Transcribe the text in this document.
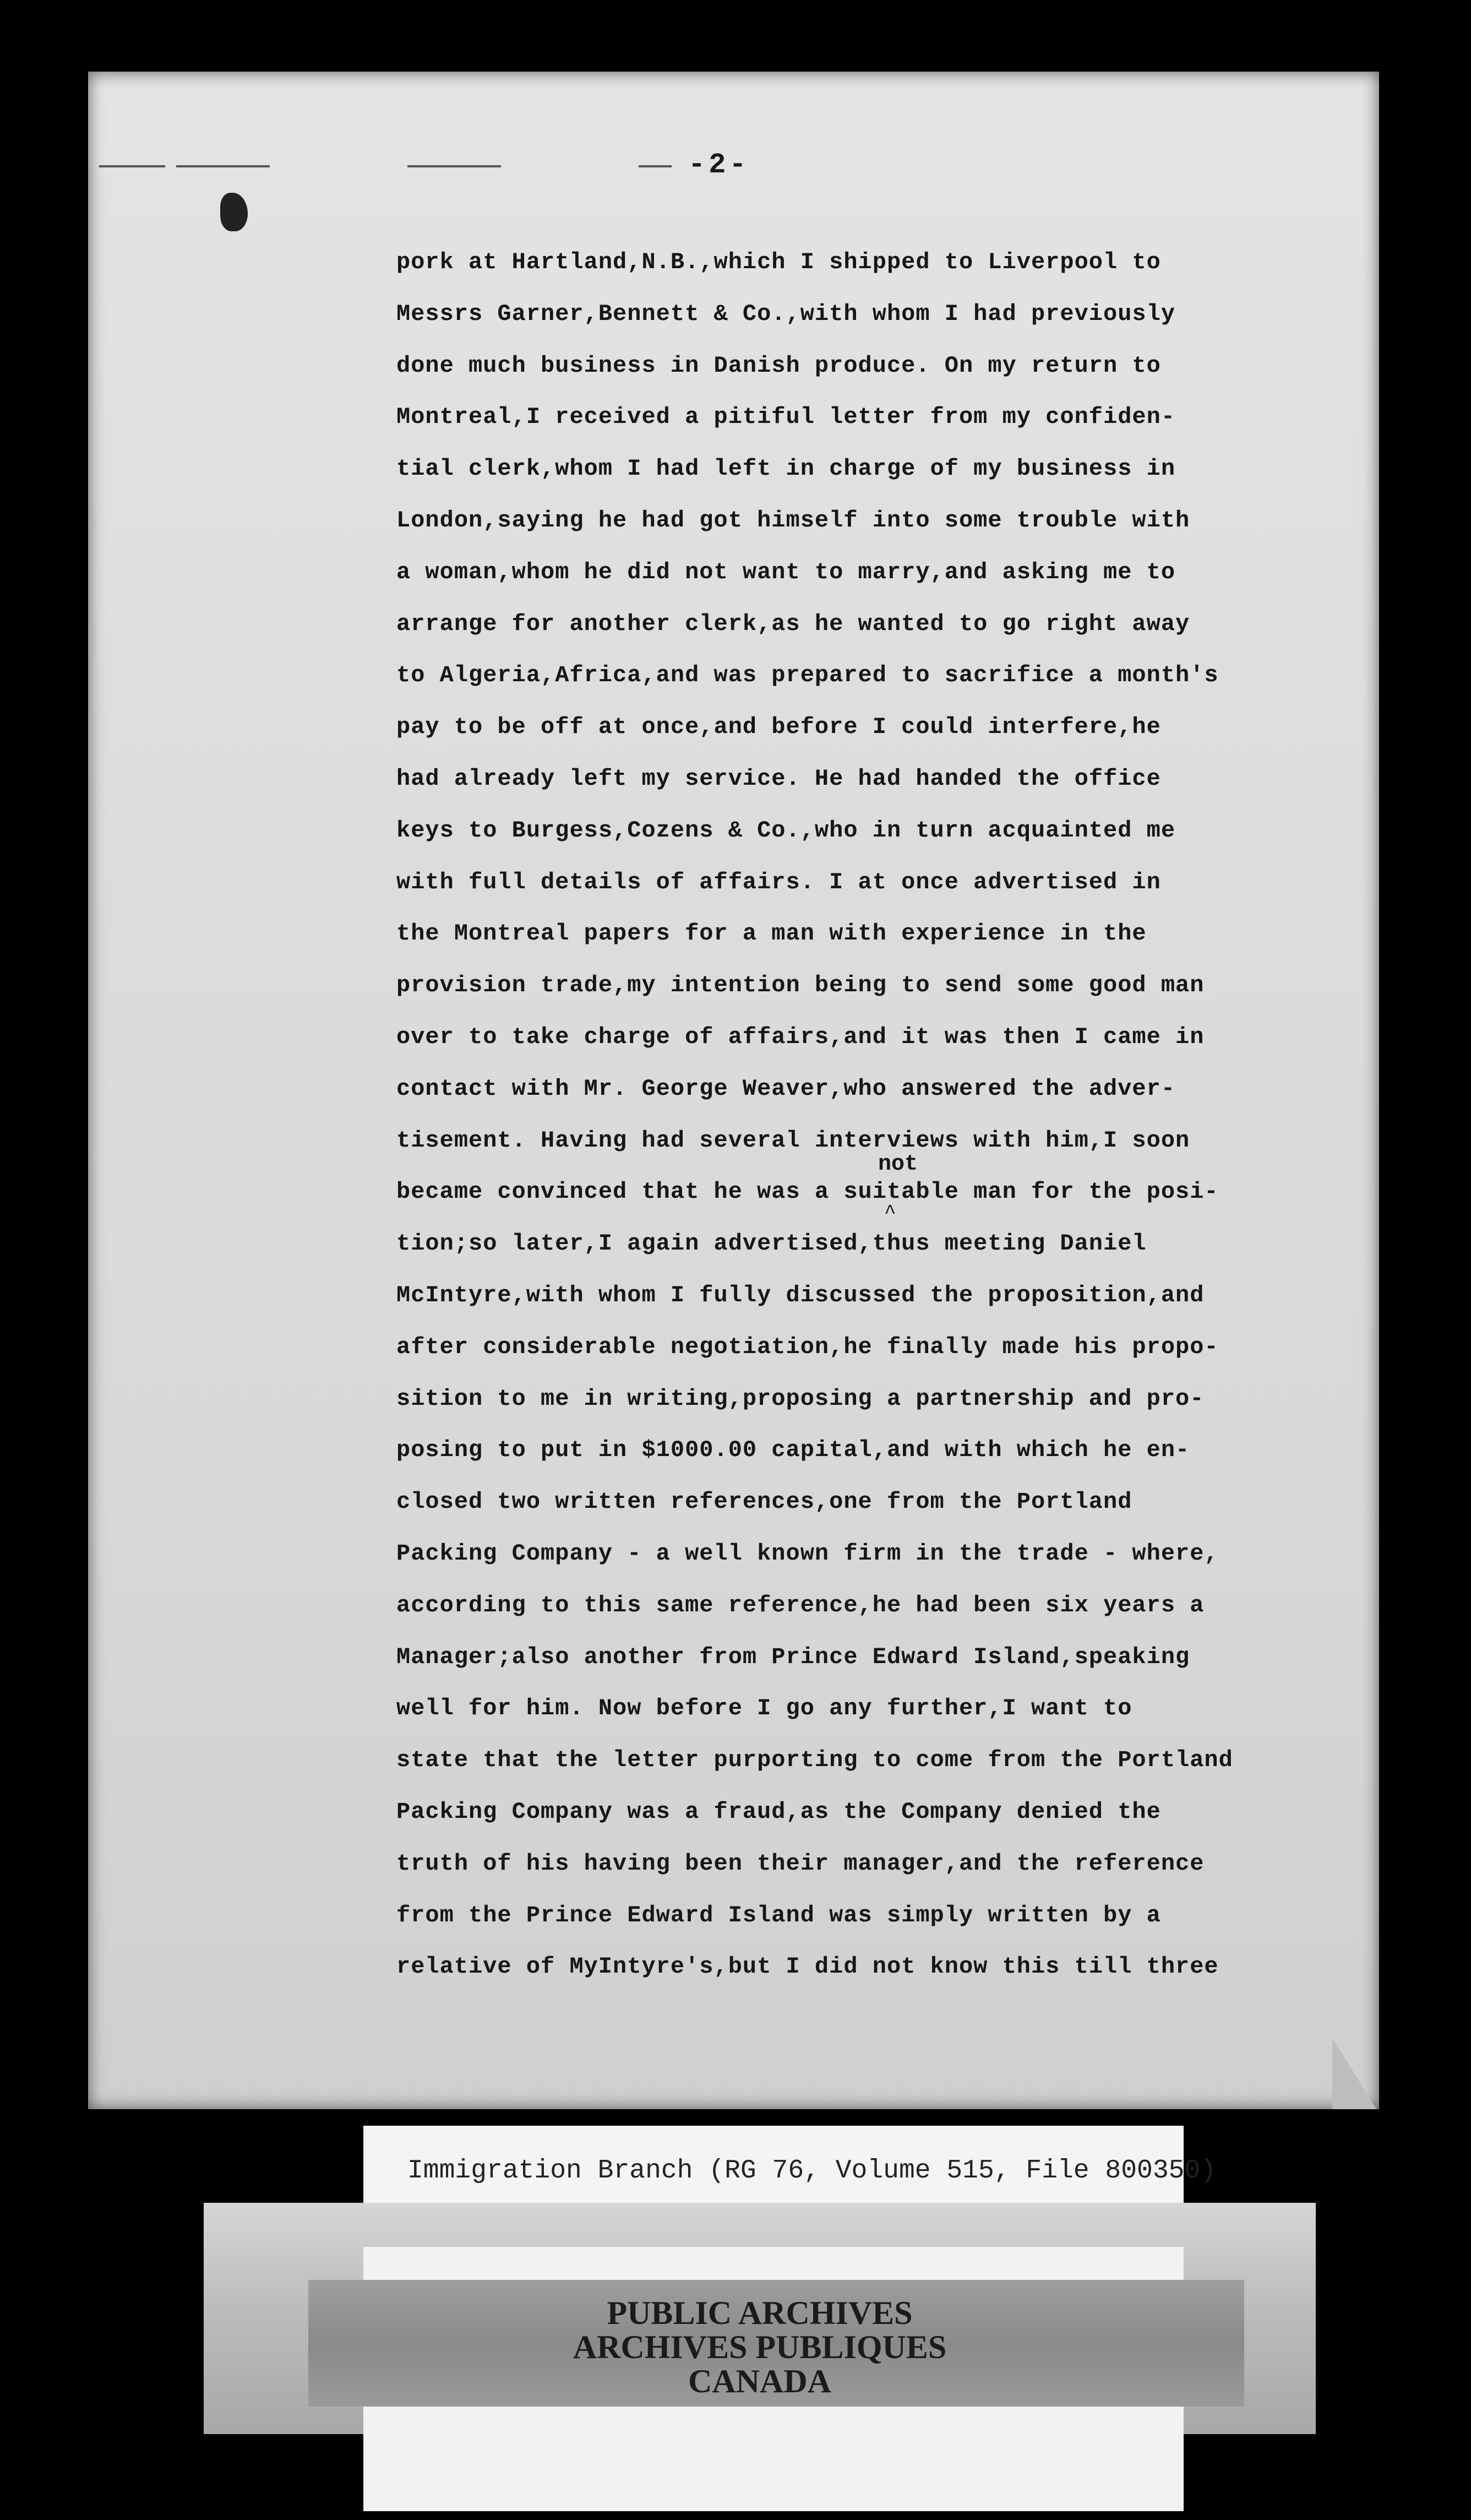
-2-
pork at Hartland,N.B.,which I shipped to Liverpool to
Messrs Garner,Bennett & Co.,with whom I had previously
done much business in Danish produce. On my return to
Montreal,I received a pitiful letter from my confiden-
tial clerk,whom I had left in charge of my business in
London,saying he had got himself into some trouble with
a woman,whom he did not want to marry,and asking me to
arrange for another clerk,as he wanted to go right away
to Algeria,Africa,and was prepared to sacrifice a month's
pay to be off at once,and before I could interfere,he
had already left my service. He had handed the office
keys to Burgess,Cozens & Co.,who in turn acquainted me
with full details of affairs. I at once advertised in
the Montreal papers for a man with experience in the
provision trade,my intention being to send some good man
over to take charge of affairs,and it was then I came in
contact with Mr. George Weaver,who answered the adver-
tisement. Having had several interviews with him,I soon
became convinced that he was a suitable man for the posi-
tion;so later,I again advertised,thus meeting Daniel
McIntyre,with whom I fully discussed the proposition,and
after considerable negotiation,he finally made his propo-
sition to me in writing,proposing a partnership and pro-
posing to put in $1000.00 capital,and with which he en-
closed two written references,one from the Portland
Packing Company - a well known firm in the trade - where,
according to this same reference,he had been six years a
Manager;also another from Prince Edward Island,speaking
well for him. Now before I go any further,I want to
state that the letter purporting to come from the Portland
Packing Company was a fraud,as the Company denied the
truth of his having been their manager,and the reference
from the Prince Edward Island was simply written by a
relative of MyIntyre's,but I did not know this till three
not
^
Immigration Branch (RG 76, Volume 515, File 800350)
PUBLIC ARCHIVES
ARCHIVES PUBLIQUES
CANADA
